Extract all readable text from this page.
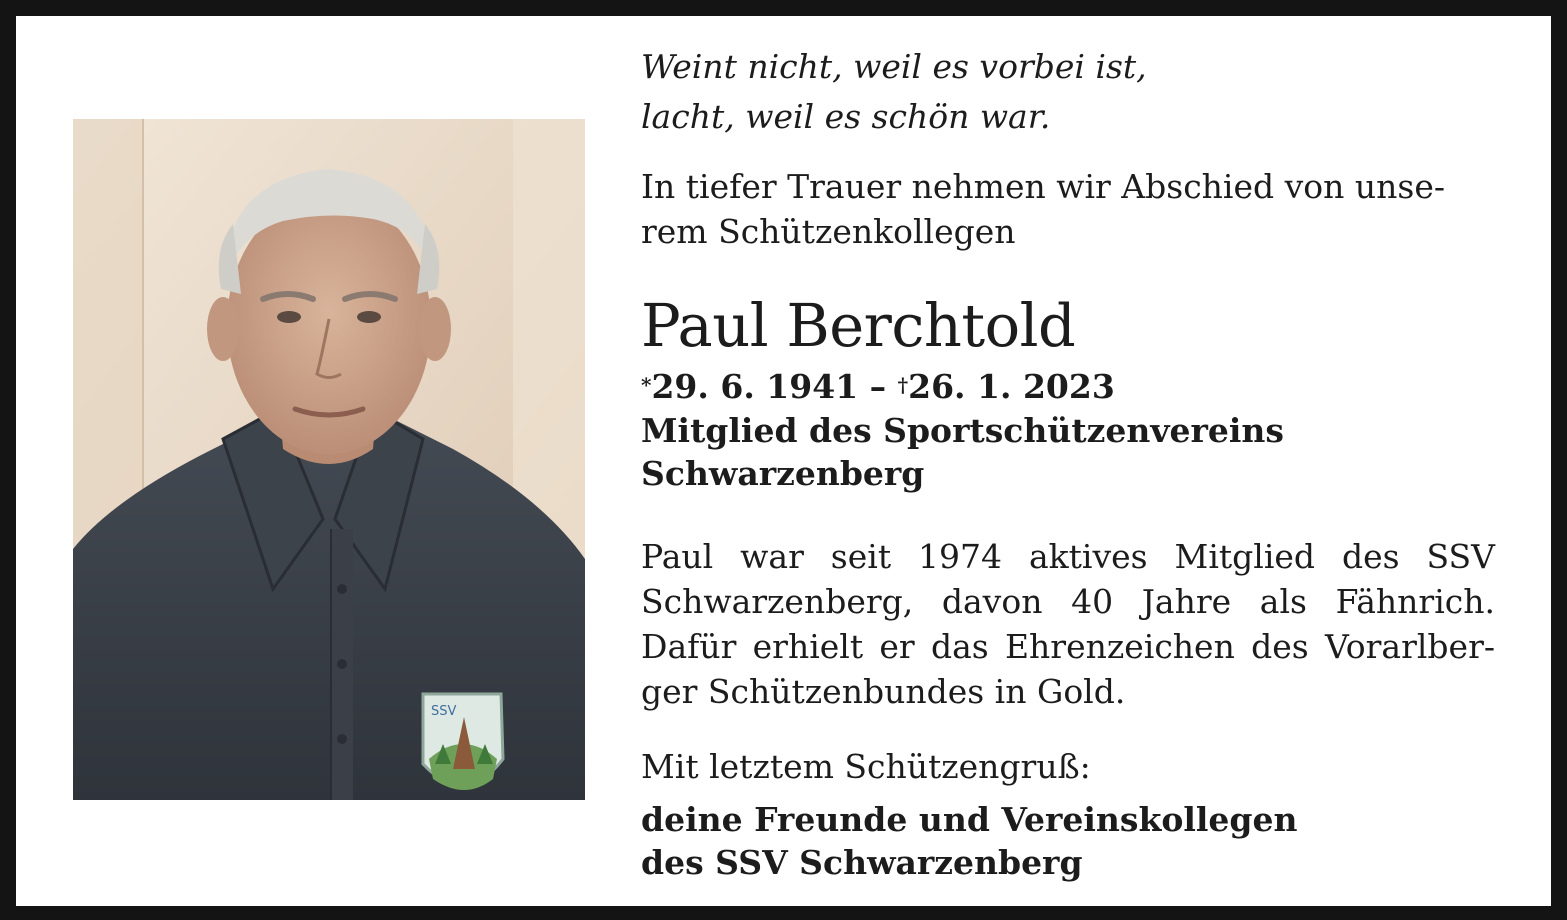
SSV
Weint nicht, weil es vorbei ist,
lacht, weil es schön war.
In tiefer Trauer nehmen wir Abschied von unse-
rem Schützenkollegen
Paul Berchtold
*29. 6. 1941 – †26. 1. 2023
Mitglied des Sportschützenvereins
Schwarzenberg
Paul war seit 1974 aktives Mitglied des SSV
Schwarzenberg, davon 40 Jahre als Fähnrich.
Dafür erhielt er das Ehrenzeichen des Vorarlber-
ger Schützenbundes in Gold.
Mit letztem Schützengruß:
deine Freunde und Vereinskollegen
des SSV Schwarzenberg
